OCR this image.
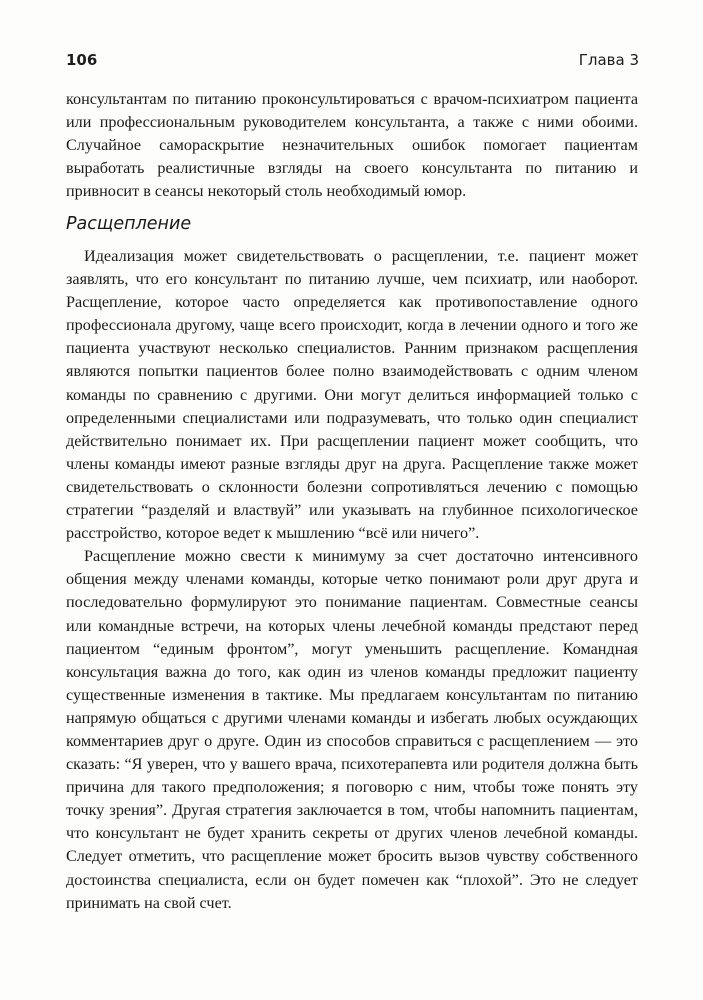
106	Глава 3

консультантам по питанию проконсультироваться с врачом-психиатром пациента или профессиональным руководителем консультанта, а также с ними обоими. Случайное самораскрытие незначительных ошибок помогает пациентам выработать реалистичные взгляды на своего консультанта по питанию и привносит в сеансы некоторый столь необходимый юмор.

Расщепление

Идеализация может свидетельствовать о расщеплении, т.е. пациент может заявлять, что его консультант по питанию лучше, чем психиатр, или наоборот. Расщепление, которое часто определяется как противопоставление одного профессионала другому, чаще всего происходит, когда в лечении одного и того же пациента участвуют несколько специалистов. Ранним признаком расщепления являются попытки пациентов более полно взаимодействовать с одним членом команды по сравнению с другими. Они могут делиться информацией только с определенными специалистами или подразумевать, что только один специалист действительно понимает их. При расщеплении пациент может сообщить, что члены команды имеют разные взгляды друг на друга. Расщепление также может свидетельствовать о склонности болезни сопротивляться лечению с помощью стратегии “разделяй и властвуй” или указывать на глубинное психологическое расстройство, которое ведет к мышлению “всё или ничего”.

Расщепление можно свести к минимуму за счет достаточно интенсивного общения между членами команды, которые четко понимают роли друг друга и последовательно формулируют это понимание пациентам. Совместные сеансы или командные встречи, на которых члены лечебной команды предстают перед пациентом “единым фронтом”, могут уменьшить расщепление. Командная консультация важна до того, как один из членов команды предложит пациенту существенные изменения в тактике. Мы предлагаем консультантам по питанию напрямую общаться с другими членами команды и избегать любых осуждающих комментариев друг о друге. Один из способов справиться с расщеплением — это сказать: “Я уверен, что у вашего врача, психотерапевта или родителя должна быть причина для такого предположения; я поговорю с ним, чтобы тоже понять эту точку зрения”. Другая стратегия заключается в том, чтобы напомнить пациентам, что консультант не будет хранить секреты от других членов лечебной команды. Следует отметить, что расщепление может бросить вызов чувству собственного достоинства специалиста, если он будет помечен как “плохой”. Это не следует принимать на свой счет.
